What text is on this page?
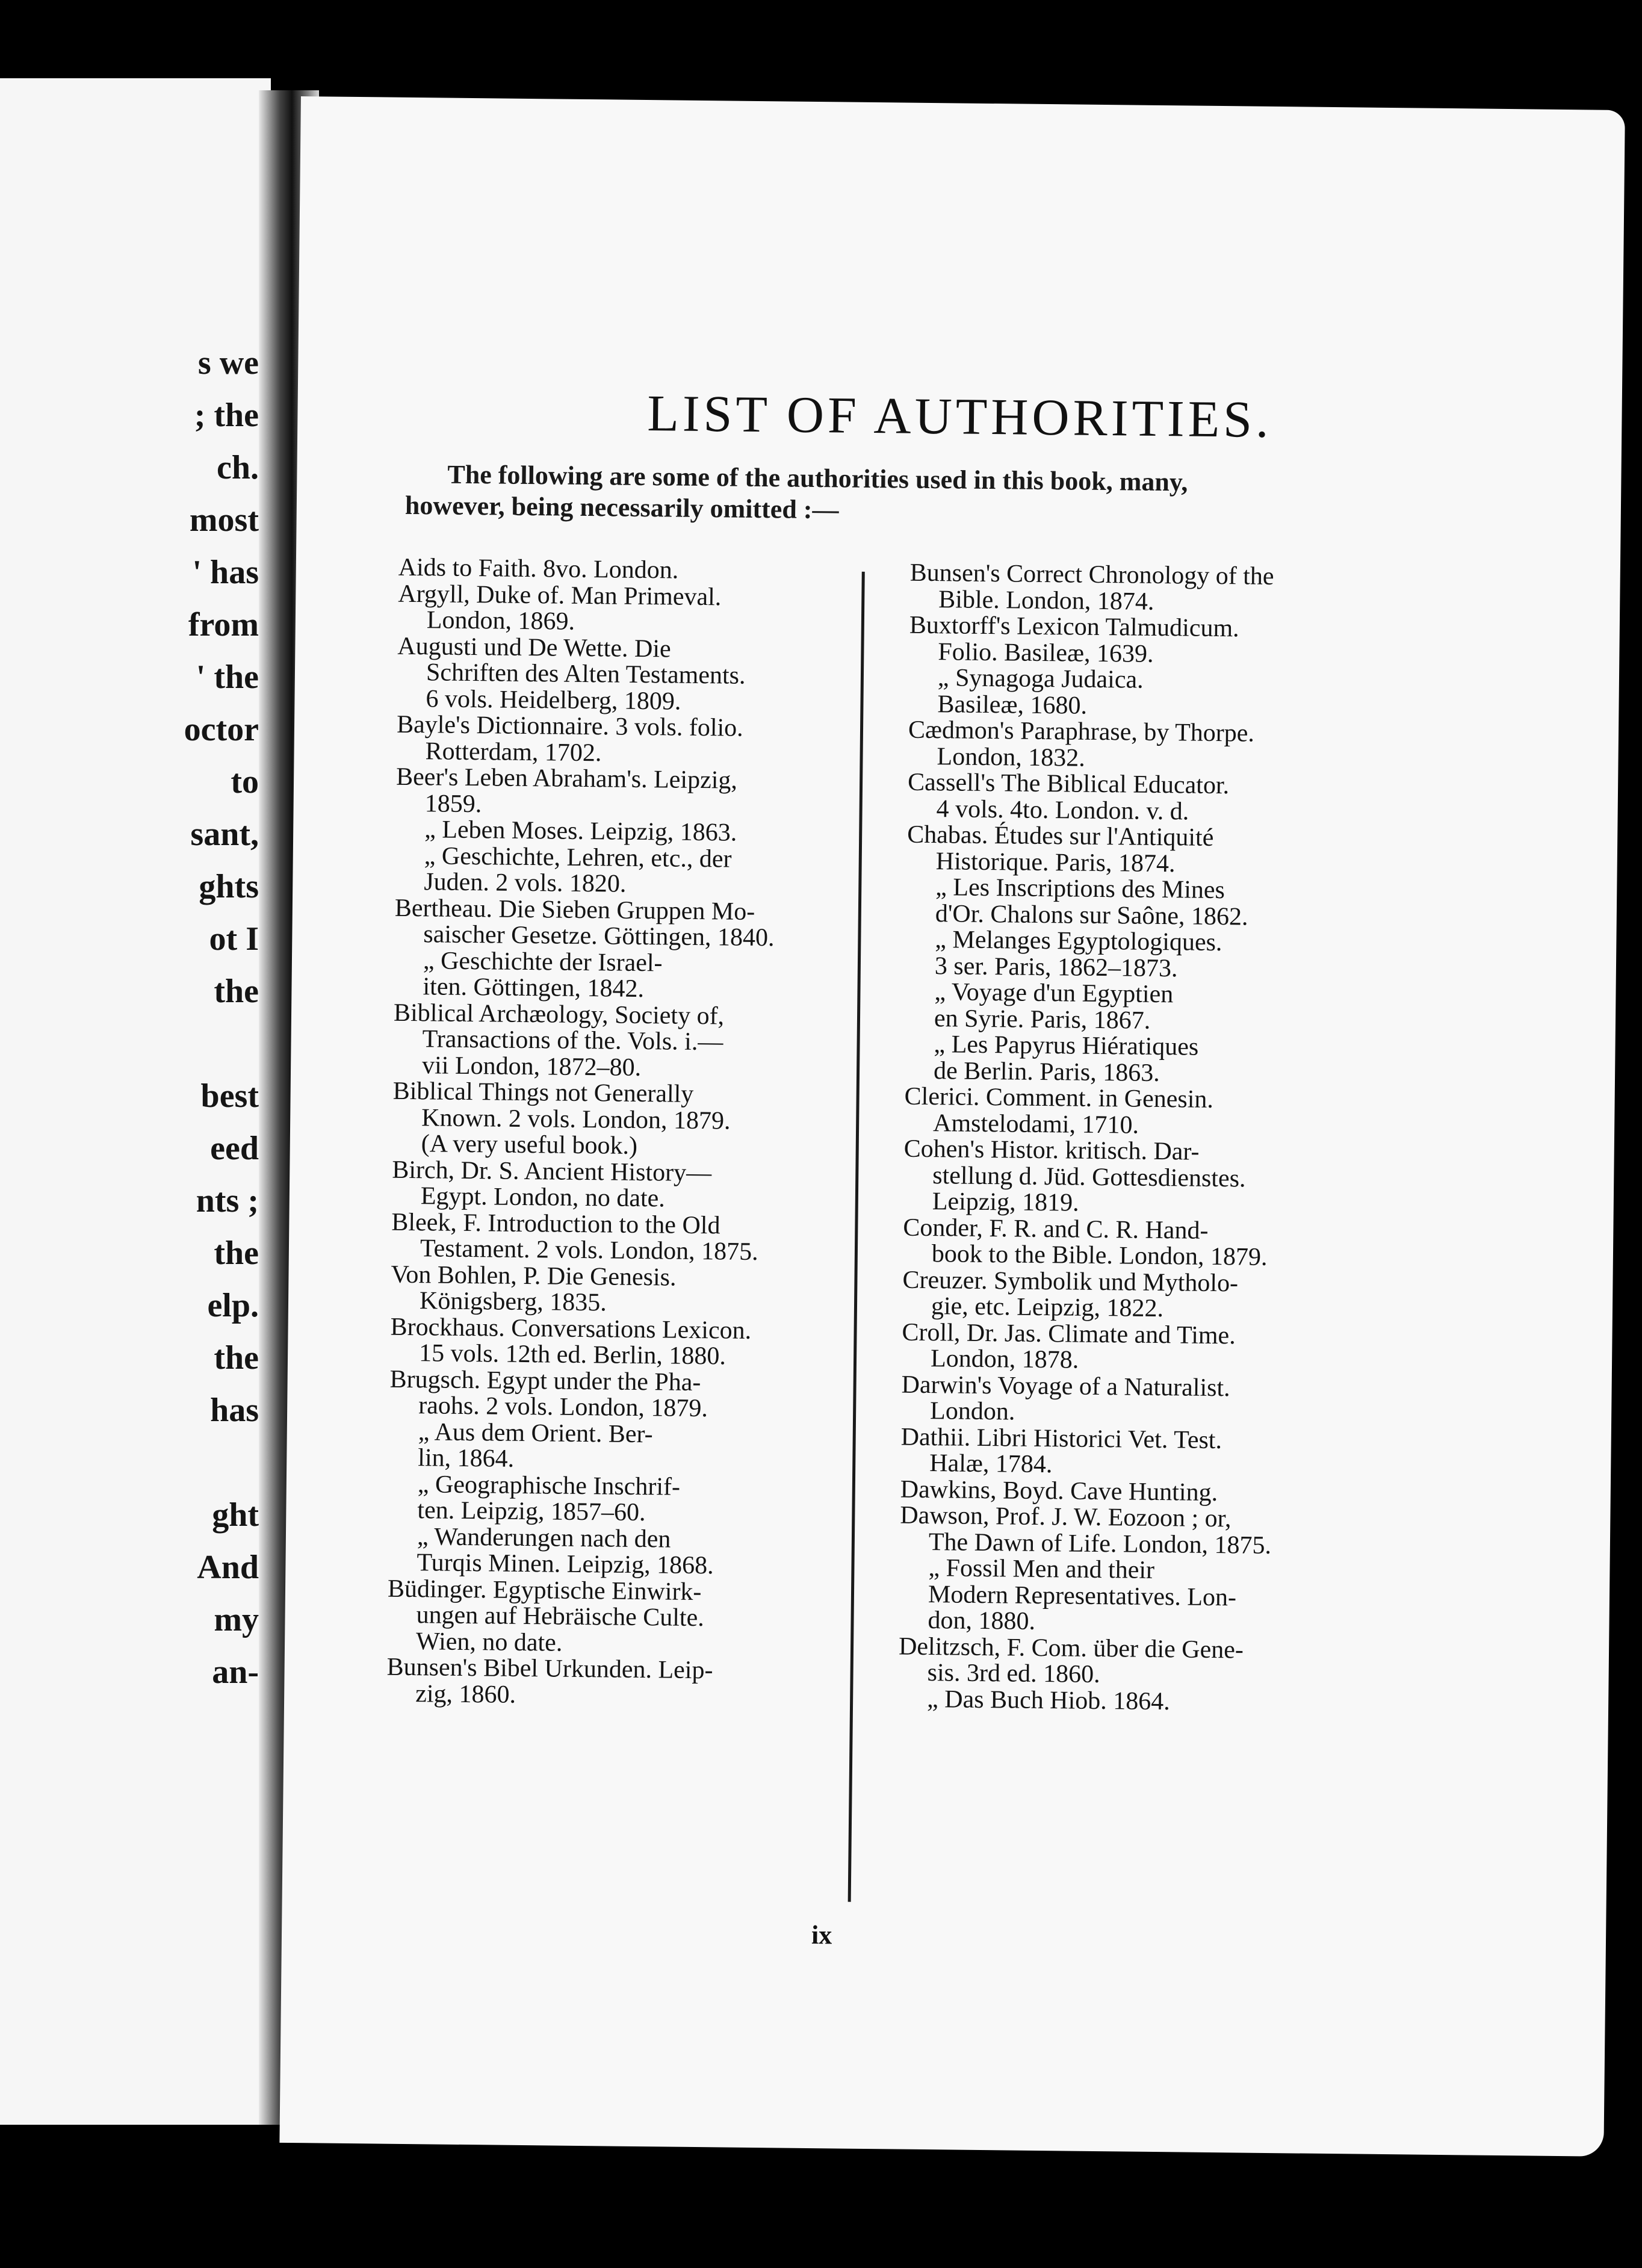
s we
; the
ch.
most
' has
from
' the
octor
to
sant,
ghts
ot I
the
best
eed
nts ;
the
elp.
the
has
ght
And
my
an-
LIST OF AUTHORITIES.
The following are some of the authorities used in this book, many,
however, being necessarily omitted :—

Aids to Faith. 8vo. London.

Argyll, Duke of. Man Primeval.

London, 1869.

Augusti und De Wette. Die

Schriften des Alten Testaments.

6 vols. Heidelberg, 1809.

Bayle's Dictionnaire. 3 vols. folio.

Rotterdam, 1702.

Beer's Leben Abraham's. Leipzig,

1859.

„ Leben Moses. Leipzig, 1863.

„ Geschichte, Lehren, etc., der

Juden. 2 vols. 1820.

Bertheau. Die Sieben Gruppen Mo-

saischer Gesetze. Göttingen, 1840.

„ Geschichte der Israel-

iten. Göttingen, 1842.

Biblical Archæology, Society of,

Transactions of the. Vols. i.—

vii London, 1872–80.

Biblical Things not Generally

Known. 2 vols. London, 1879.

(A very useful book.)

Birch, Dr. S. Ancient History—

Egypt. London, no date.

Bleek, F. Introduction to the Old

Testament. 2 vols. London, 1875.

Von Bohlen, P. Die Genesis.

Königsberg, 1835.

Brockhaus. Conversations Lexicon.

15 vols. 12th ed. Berlin, 1880.

Brugsch. Egypt under the Pha-

raohs. 2 vols. London, 1879.

„ Aus dem Orient. Ber-

lin, 1864.

„ Geographische Inschrif-

ten. Leipzig, 1857–60.

„ Wanderungen nach den

Turqis Minen. Leipzig, 1868.

Büdinger. Egyptische Einwirk-

ungen auf Hebräische Culte.

Wien, no date.

Bunsen's Bibel Urkunden. Leip-

zig, 1860.

Bunsen's Correct Chronology of the

Bible. London, 1874.

Buxtorff's Lexicon Talmudicum.

Folio. Basileæ, 1639.

„ Synagoga Judaica.

Basileæ, 1680.

Cædmon's Paraphrase, by Thorpe.

London, 1832.

Cassell's The Biblical Educator.

4 vols. 4to. London. v. d.

Chabas. Études sur l'Antiquité

Historique. Paris, 1874.

„ Les Inscriptions des Mines

d'Or. Chalons sur Saône, 1862.

„ Melanges Egyptologiques.

3 ser. Paris, 1862–1873.

„ Voyage d'un Egyptien

en Syrie. Paris, 1867.

„ Les Papyrus Hiératiques

de Berlin. Paris, 1863.

Clerici. Comment. in Genesin.

Amstelodami, 1710.

Cohen's Histor. kritisch. Dar-

stellung d. Jüd. Gottesdienstes.

Leipzig, 1819.

Conder, F. R. and C. R. Hand-

book to the Bible. London, 1879.

Creuzer. Symbolik und Mytholo-

gie, etc. Leipzig, 1822.

Croll, Dr. Jas. Climate and Time.

London, 1878.

Darwin's Voyage of a Naturalist.

London.

Dathii. Libri Historici Vet. Test.

Halæ, 1784.

Dawkins, Boyd. Cave Hunting.

Dawson, Prof. J. W. Eozoon ; or,

The Dawn of Life. London, 1875.

„ Fossil Men and their

Modern Representatives. Lon-

don, 1880.

Delitzsch, F. Com. über die Gene-

sis. 3rd ed. 1860.

„ Das Buch Hiob. 1864.

ix
